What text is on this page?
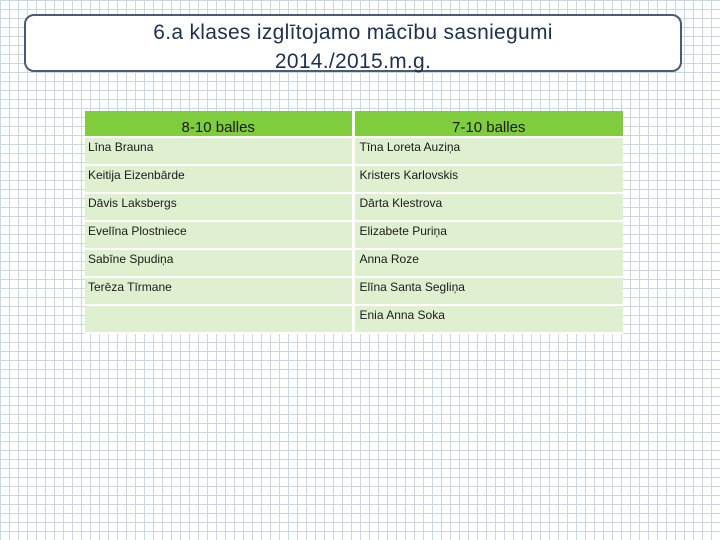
6.a klases izglītojamo mācību sasniegumi
2014./2015.m.g.
8-10 balles	7-10 balles
Līna Brauna	Tīna Loreta Auziņa
Keitija Eizenbārde	Kristers Karlovskis
Dāvis Laksbergs	Dārta Klestrova
Evelīna Plostniece	Elizabete Puriņa
Sabīne Spudiņa	Anna Roze
Terēza Tīrmane	Elīna Santa Segliņa
	Enia Anna Soka
